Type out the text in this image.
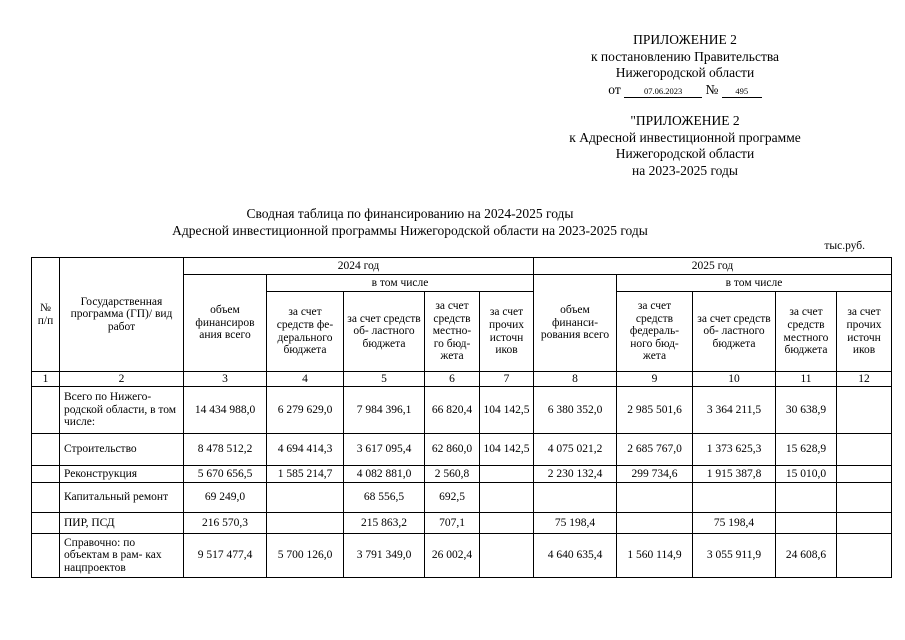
ПРИЛОЖЕНИЕ 2
к постановлению Правительства
Нижегородской области
от	07.06.2023 № 495
"ПРИЛОЖЕНИЕ 2
к Адресной инвестиционной программе
Нижегородской области
на 2023-2025 годы
Сводная таблица по финансированию на 2024-2025 годы
Адресной инвестиционной программы Нижегородской области на 2023-2025 годы
тыс.руб.
№ п/п	Государственная программа (ГП)/ вид работ	2024 год					2025 год				
		объем финансиров ания всего	в том числе				объем финанси- рования всего	в том числе			
			за счет средств фе- дерального бюджета	за счет средств об- ластного бюджета	за счет средств местно- го бюд- жета	за счет прочих источн иков		за счет средств федераль- ного бюд- жета	за счет средств об- ластного бюджета	за счет средств местного бюджета	за счет прочих источн иков
1	2	3	4	5	6	7	8	9	10	11	12
	Всего по Нижего- родской области, в том числе:	14 434 988,0	6 279 629,0	7 984 396,1	66 820,4	104 142,5	6 380 352,0	2 985 501,6	3 364 211,5	30 638,9	
	Строительство	8 478 512,2	4 694 414,3	3 617 095,4	62 860,0	104 142,5	4 075 021,2	2 685 767,0	1 373 625,3	15 628,9	
	Реконструкция	5 670 656,5	1 585 214,7	4 082 881,0	2 560,8		2 230 132,4	299 734,6	1 915 387,8	15 010,0	
	Капитальный ремонт	69 249,0		68 556,5	692,5						
	ПИР, ПСД	216 570,3		215 863,2	707,1		75 198,4		75 198,4		
	Справочно: по объектам в рам- ках нацпроектов	9 517 477,4	5 700 126,0	3 791 349,0	26 002,4		4 640 635,4	1 560 114,9	3 055 911,9	24 608,6	
